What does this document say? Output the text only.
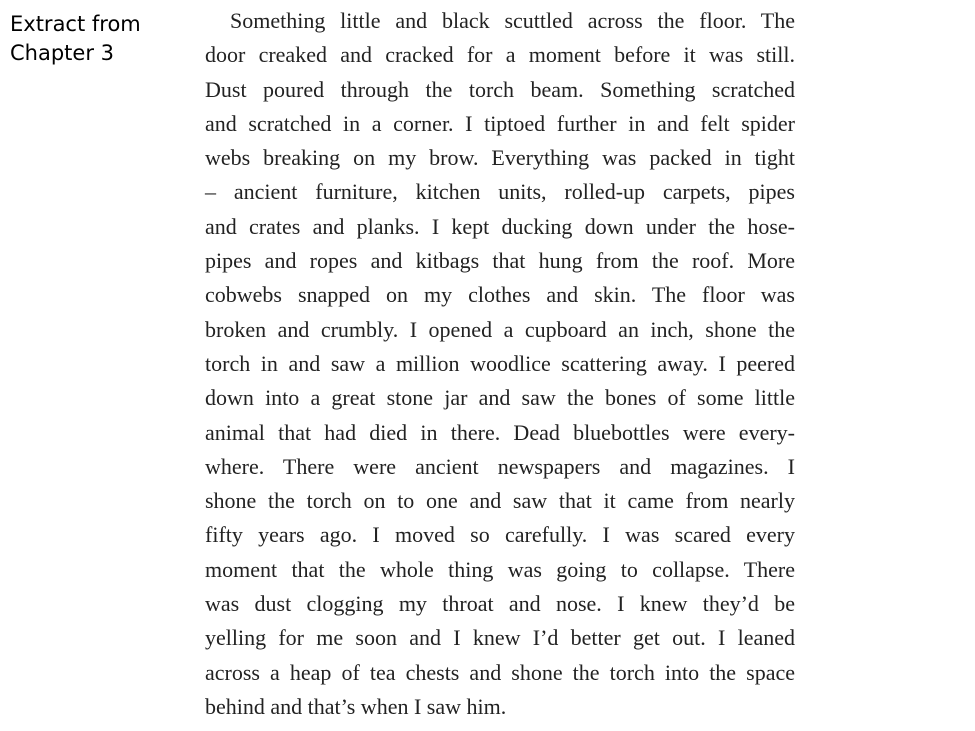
Extract from
Chapter 3
Something little and black scuttled across the floor. The
door creaked and cracked for a moment before it was still.
Dust poured through the torch beam. Something scratched
and scratched in a corner. I tiptoed further in and felt spider
webs breaking on my brow. Everything was packed in tight
– ancient furniture, kitchen units, rolled-up carpets, pipes
and crates and planks. I kept ducking down under the hose-
pipes and ropes and kitbags that hung from the roof. More
cobwebs snapped on my clothes and skin. The floor was
broken and crumbly. I opened a cupboard an inch, shone the
torch in and saw a million woodlice scattering away. I peered
down into a great stone jar and saw the bones of some little
animal that had died in there. Dead bluebottles were every-
where. There were ancient newspapers and magazines. I
shone the torch on to one and saw that it came from nearly
fifty years ago. I moved so carefully. I was scared every
moment that the whole thing was going to collapse. There
was dust clogging my throat and nose. I knew they’d be
yelling for me soon and I knew I’d better get out. I leaned
across a heap of tea chests and shone the torch into the space
behind and that’s when I saw him.
